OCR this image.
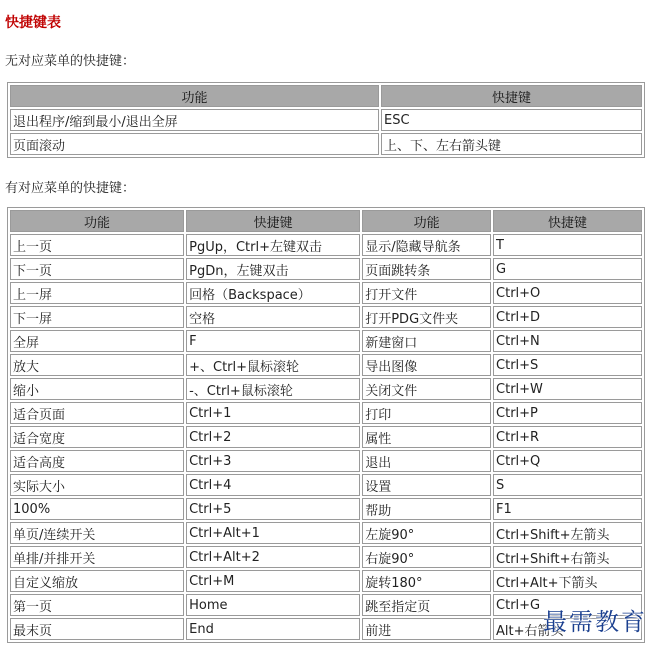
快捷键表
无对应菜单的快捷键：
功能	快捷键
退出程序/缩到最小/退出全屏	ESC
页面滚动	上、下、左右箭头键
有对应菜单的快捷键：
功能	快捷键	功能	快捷键
上一页	PgUp，Ctrl+左键双击	显示/隐藏导航条	T
下一页	PgDn，左键双击	页面跳转条	G
上一屏	回格（Backspace）	打开文件	Ctrl+O
下一屏	空格	打开PDG文件夹	Ctrl+D
全屏	F	新建窗口	Ctrl+N
放大	+、Ctrl+鼠标滚轮	导出图像	Ctrl+S
缩小	-、Ctrl+鼠标滚轮	关闭文件	Ctrl+W
适合页面	Ctrl+1	打印	Ctrl+P
适合宽度	Ctrl+2	属性	Ctrl+R
适合高度	Ctrl+3	退出	Ctrl+Q
实际大小	Ctrl+4	设置	S
100%	Ctrl+5	帮助	F1
单页/连续开关	Ctrl+Alt+1	左旋90°	Ctrl+Shift+左箭头
单排/并排开关	Ctrl+Alt+2	右旋90°	Ctrl+Shift+右箭头
自定义缩放	Ctrl+M	旋转180°	Ctrl+Alt+下箭头
第一页	Home	跳至指定页	Ctrl+G
最末页	End	前进	Alt+右箭头
最需教育
